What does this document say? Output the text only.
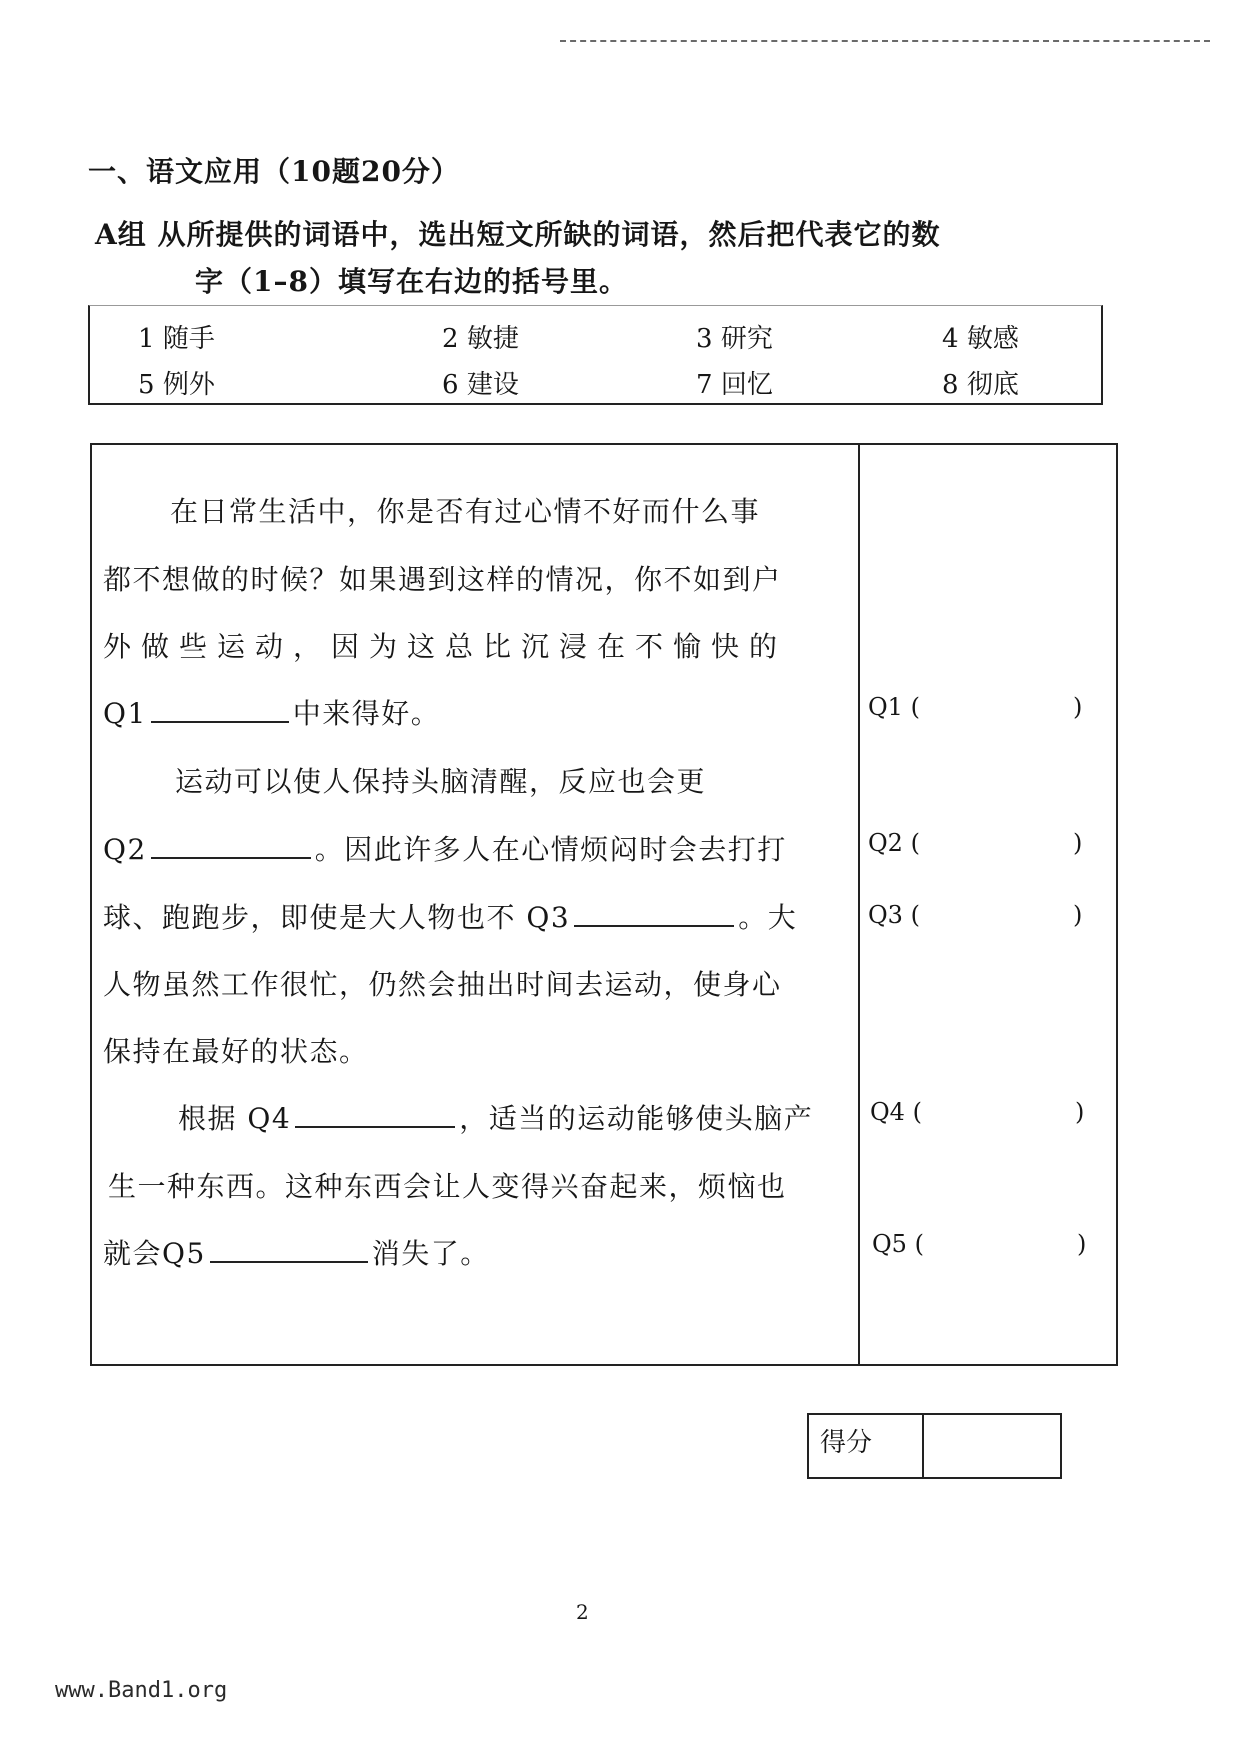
一、语文应用（10题20分）
A组 从所提供的词语中，选出短文所缺的词语，然后把代表它的数
字（1–8）填写在右边的括号里。
1 随手	2 敏捷	3 研究	4 敏感
5 例外	6 建设	7 回忆	8 彻底
在日常生活中，你是否有过心情不好而什么事
都不想做的时候？如果遇到这样的情况，你不如到户
外做些运动，因为这总比沉浸在不愉快的
Q1	中来得好。
运动可以使人保持头脑清醒，反应也会更
Q2	。因此许多人在心情烦闷时会去打打
球、跑跑步，即使是大人物也不 Q3	。大
人物虽然工作很忙，仍然会抽出时间去运动，使身心
保持在最好的状态。
根据 Q4	，适当的运动能够使头脑产
生一种东西。这种东西会让人变得兴奋起来，烦恼也
就会Q5	消失了。
Q1 (	)
Q2 (	)
Q3 (	)
Q4 (	)
Q5 (	)
得分
2
www.Band1.org
